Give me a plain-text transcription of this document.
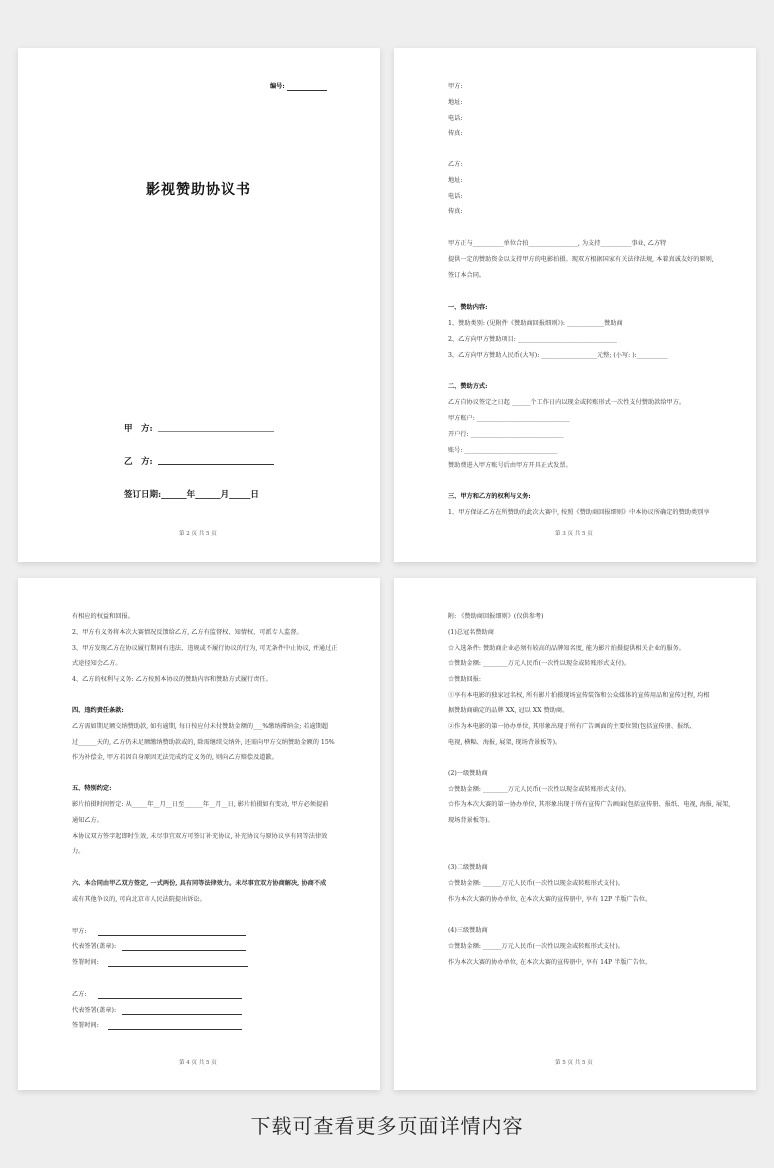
编号:
影视赞助协议书
甲　方:
乙　方:
签订日期:______年______月_____日
第 2 页 共 5 页
甲方:
地址:
电话:
传真:
乙方:
地址:
电话:
传真:
甲方正与__________单位合拍________________, 为支持__________事业, 乙方特
提供一定的赞助资金以支持甲方的电影拍摄。现双方根据国家有关法律法规, 本着真诚友好的原则,
签订本合同。
一、赞助内容:
1、赞助类别: (见附件《赞助商回报细则》): ____________赞助商
2、乙方向甲方赞助项目: ________________________________
3、乙方向甲方赞助人民币(大写): __________________元整; (小写: ):__________
二、赞助方式:
乙方自协议签定之日起 ______个工作日内以现金或转账形式一次性支付赞助款给甲方。
甲方账户: ______________________________
开户行: ______________________________
账号: ______________________________
赞助费进入甲方账号后由甲方开具正式发票。
三、甲方和乙方的权利与义务:
1、甲方保证乙方在所赞助的此次大赛中, 按照《赞助商回报细则》中本协议所确定的赞助类别享
第 3 页 共 5 页
有相应的权益和回报。
2、甲方有义务将本次大赛情况反馈给乙方, 乙方有监督权、知情权、可派专人监督。
3、甲方发现乙方在协议履行期间有违法、违规或不履行协议的行为, 可无条件中止协议, 并通过正
式途径知会乙方。
4、乙方的权利与义务: 乙方按照本协议的赞助内容和赞助方式履行责任。
四、违约责任条款:
乙方需如期足额交纳赞助款, 如有逾期, 每日按应付未付赞助金额的___%缴纳滞纳金; 若逾期超
过______天的, 乙方仍未足额缴纳赞助款或的, 除需继续交纳外, 还需向甲方交纳赞助金额的 15%
作为补偿金, 甲方若因自身原因无法完成约定义务的, 则向乙方赔偿及道歉。
五、特别约定:
影片拍摄时间暂定: 从_____年__月__日至______年__月__日, 影片拍摄如有变动, 甲方必须提前
通知乙方。
本协议双方签字起即时生效, 未尽事宜双方可签订补充协议, 补充协议与原协议享有同等法律效
力。
六、本合同由甲乙双方签定, 一式两份, 具有同等法律效力。未尽事宜双方协商解决, 协商不成
或有其他争议的, 可向北京市人民法院提出诉讼。
甲方:
代表签署(盖章):
签署时间:
乙方:
代表签署(盖章):
签署时间:
第 4 页 共 5 页
附: 《赞助商回报细则》(仅供参考)
(1)总冠名赞助商
☆入选条件: 赞助商企业必须有较高的品牌知名度, 能为影片拍摄提供相关企业的服务。
☆赞助金额: ________万元人民币(一次性以现金或转账形式支付)。
☆赞助回报:
①享有本电影的独家冠名权, 所有影片拍摄现场宣传装饰和公众媒体的宣传用品和宣传过程, 均根
据赞助商确定的品牌 XX, 冠以 XX 赞助商。
②作为本电影的第一协办单位, 其形象出现于所有广告画面的主要位置(包括宣传册、报纸、
电视, 横幅、海报, 展架, 现场背景板等)。
(2)一级赞助商
☆赞助金额: ________万元人民币(一次性以现金或转账形式支付)。
☆作为本次大赛的第一协办单位, 其形象出现于所有宣传广告画面(包括宣传册、报纸、电视, 海报, 展架,
现场背景板等)。
(3)二级赞助商
☆赞助金额: ______万元人民币(一次性以现金或转账形式支付)。
作为本次大赛的协办单位, 在本次大赛的宣传册中, 享有 12P 半版广告位。
(4)三级赞助商
☆赞助金额: ______万元人民币(一次性以现金或转账形式支付)。
作为本次大赛的协办单位, 在本次大赛的宣传册中, 享有 14P 半版广告位。
第 5 页 共 5 页
下载可查看更多页面详情内容
